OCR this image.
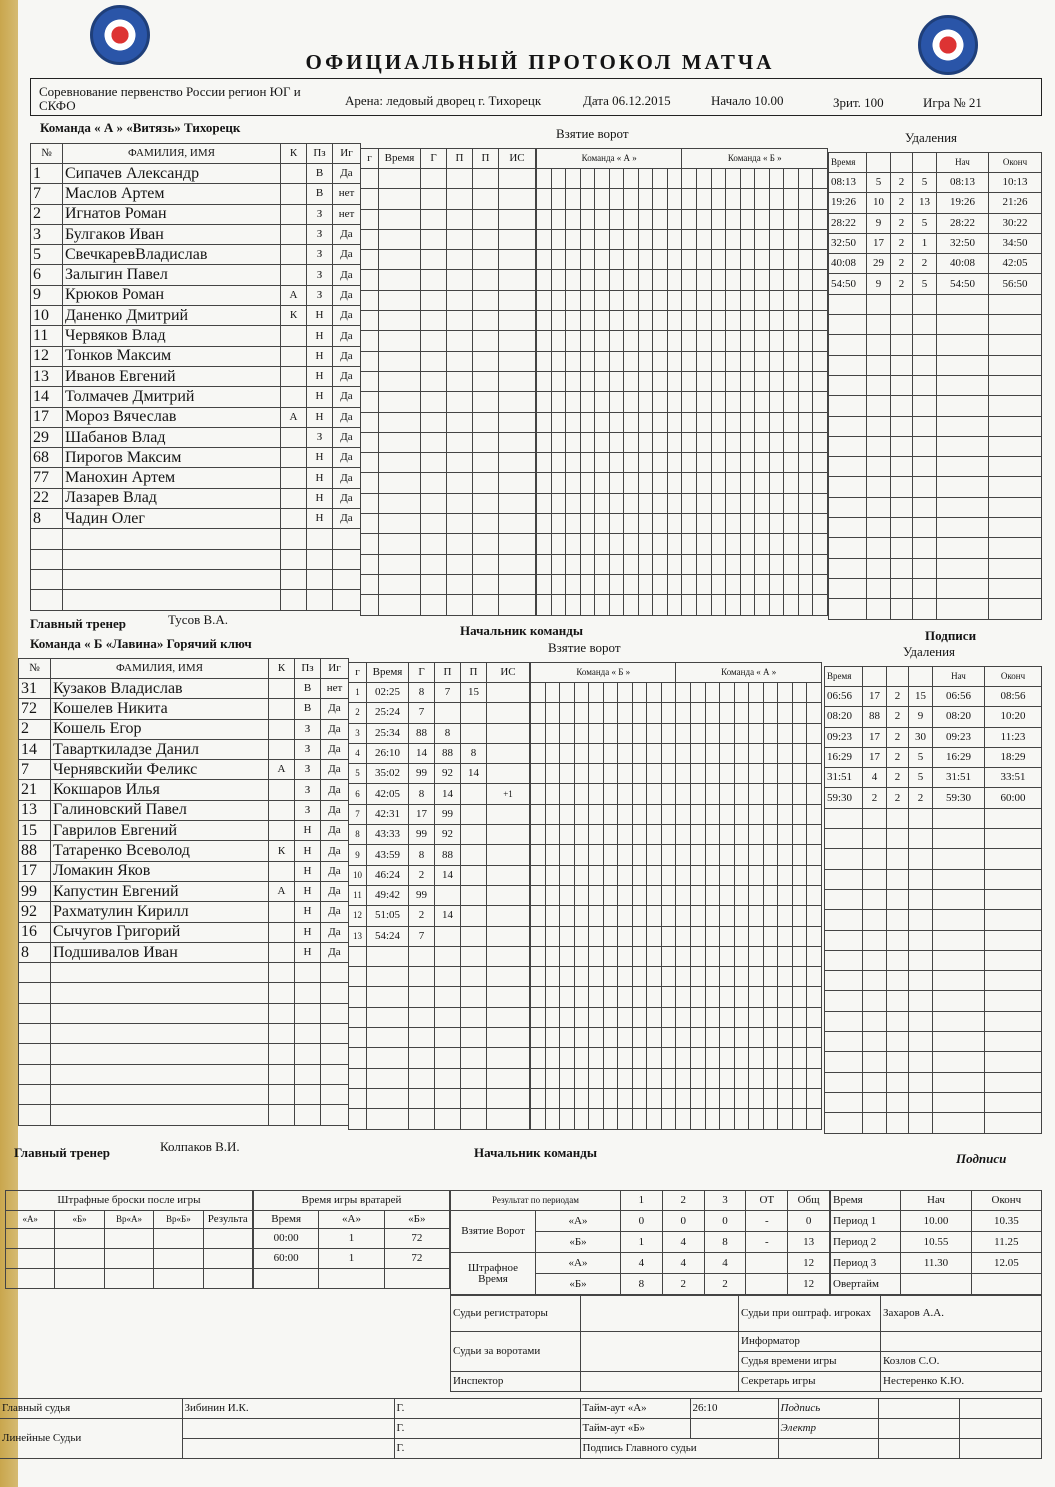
ОФИЦИАЛЬНЫЙ ПРОТОКОЛ МАТЧА
Соревнование первенство России регион ЮГ и СКФО	Арена: ледовый дворец г. Тихорецк	Дата 06.12.2015	Начало 10.00	Зрит. 100	Игра № 21
Команда « А » «Витязь» Тихорецк	Взятие ворот	Удаления
№	ФАМИЛИЯ, ИМЯ	К	Пз	Иг
1	Сипачев Александр		В	Да
7	Маслов Артем		В	нет
2	Игнатов Роман		З	нет
3	Булгаков Иван		З	Да
5	СвечкаревВладислав		З	Да
6	Залыгин Павел		З	Да
9	Крюков Роман	А	З	Да
10	Даненко Дмитрий	К	Н	Да
11	Червяков Влад		Н	Да
12	Тонков Максим		Н	Да
13	Иванов Евгений		Н	Да
14	Толмачев Дмитрий		Н	Да
17	Мороз Вячеслав	А	Н	Да
29	Шабанов Влад		З	Да
68	Пирогов Максим		Н	Да
77	Манохин Артем		Н	Да
22	Лазарев Влад		Н	Да
8	Чадин Олег		Н	Да

г	Время	Г	П	П	ИС

						Команда « А »										Команда « Б »									

																				Время				Нач	Оконч
08:13	5	2	5	08:13	10:13
19:26	10	2	13	19:26	21:26
28:22	9	2	5	28:22	30:22
32:50	17	2	1	32:50	34:50
40:08	29	2	2	40:08	42:05
54:50	9	2	5	54:50	56:50

Главный тренер	Тусов В.А.
Начальник команды	Подписи
Команда « Б «Лавина» Горячий ключ	Взятие ворот	Удаления
№	ФАМИЛИЯ, ИМЯ	К	Пз	Иг
31	Кузаков Владислав		В	нет
72	Кошелев Никита		В	Да
2	Кошель Егор		З	Да
14	Таварткиладзе Данил		З	Да
7	Чернявскийи Феликс	А	З	Да
21	Кокшаров Илья		З	Да
13	Галиновский Павел		З	Да
15	Гаврилов Евгений		Н	Да
88	Татаренко Всеволод	К	Н	Да
17	Ломакин Яков		Н	Да
99	Капустин Евгений	А	Н	Да
92	Рахматулин Кирилл		Н	Да
16	Сычугов Григорий		Н	Да
8	Подшивалов Иван		Н	Да

г	Время	Г	П	П	ИС
1	02:25	8	7	15	
2	25:24	7			
3	25:34	88	8		
4	26:10	14	88	8	
5	35:02	99	92	14	
6	42:05	8	14		+1
7	42:31	17	99		
8	43:33	99	92		
9	43:59	8	88		
10	46:24	2	14		
11	49:42	99			
12	51:05	2	14		
13	54:24	7			

Команда « Б »										Команда « А »									

																				Время				Нач	Оконч
06:56	17	2	15	06:56	08:56
08:20	88	2	9	08:20	10:20
09:23	17	2	30	09:23	11:23
16:29	17	2	5	16:29	18:29
31:51	4	2	5	31:51	33:51
59:30	2	2	2	59:30	60:00

Главный тренер	Колпаков В.И.	Начальник команды	Подписи
Штрафные броски после игры				
«А»	«Б»	Вр«А»	Вр«Б»	Результа

Время игры вратарей		
Время	«А»	«Б»
00:00	1	72
60:00	1	72

Результат по периодам		1	2	3	ОТ	Общ
Взятие Ворот	«А»	0	0	0	-	0
	«Б»	1	4	8	-	13
Штрафное Время	«А»	4	4	4		12
	«Б»	8	2	2		12
Время	Нач	Оконч
Период 1	10.00	10.35
Период 2	10.55	11.25
Период 3	11.30	12.05
Овертайм		
Судьи регистраторы		Судьи при оштраф. игроках	Захаров А.А.
Судьи за воротами		Информатор	
		Судья времени игры	Козлов С.О.
Инспектор		Секретарь игры	Нестеренко К.Ю.
Главный судья	Зибинин И.К.	Г.	Тайм-аут «А»	26:10	Подпись		
Линейные Судьи		Г.	Тайм-аут «Б»		Электр		
		Г.	Подпись Главного судьи				
